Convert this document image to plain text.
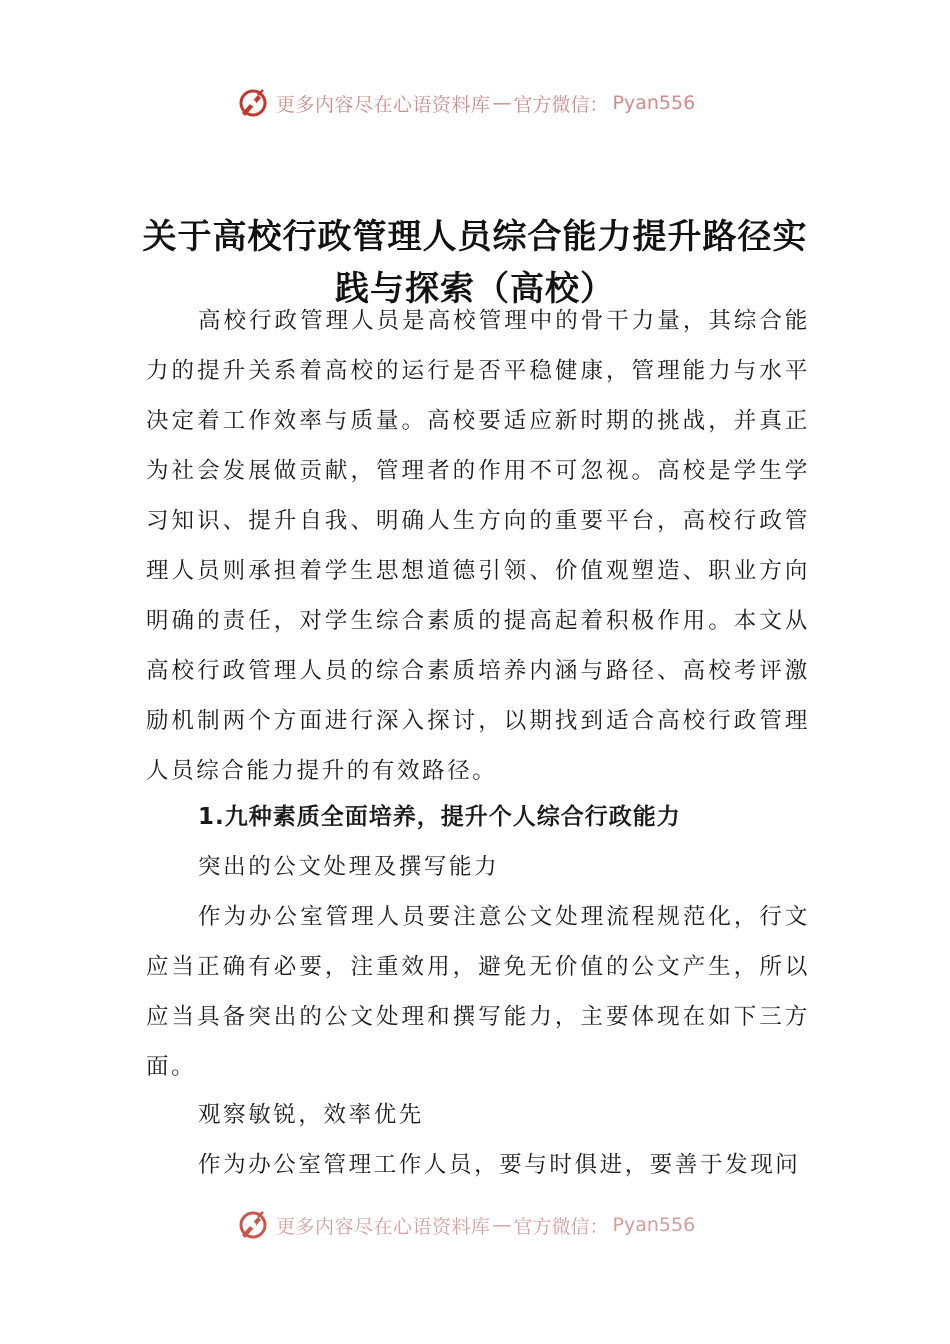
更多内容尽在心语资料库 — 官方微信： Pyan556
关于高校行政管理人员综合能力提升路径实践与探索（高校）

高校行政管理人员是高校管理中的骨干力量，其综合能力的提升关系着高校的运行是否平稳健康，管理能力与水平决定着工作效率与质量。高校要适应新时期的挑战，并真正为社会发展做贡献，管理者的作用不可忽视。高校是学生学习知识、提升自我、明确人生方向的重要平台，高校行政管理人员则承担着学生思想道德引领、价值观塑造、职业方向明确的责任，对学生综合素质的提高起着积极作用。本文从高校行政管理人员的综合素质培养内涵与路径、高校考评激励机制两个方面进行深入探讨，以期找到适合高校行政管理人员综合能力提升的有效路径。

1.九种素质全面培养，提升个人综合行政能力

突出的公文处理及撰写能力

作为办公室管理人员要注意公文处理流程规范化，行文应当正确有必要，注重效用，避免无价值的公文产生，所以应当具备突出的公文处理和撰写能力，主要体现在如下三方面。

观察敏锐，效率优先

作为办公室管理工作人员，要与时俱进，要善于发现问

更多内容尽在心语资料库 — 官方微信： Pyan556
